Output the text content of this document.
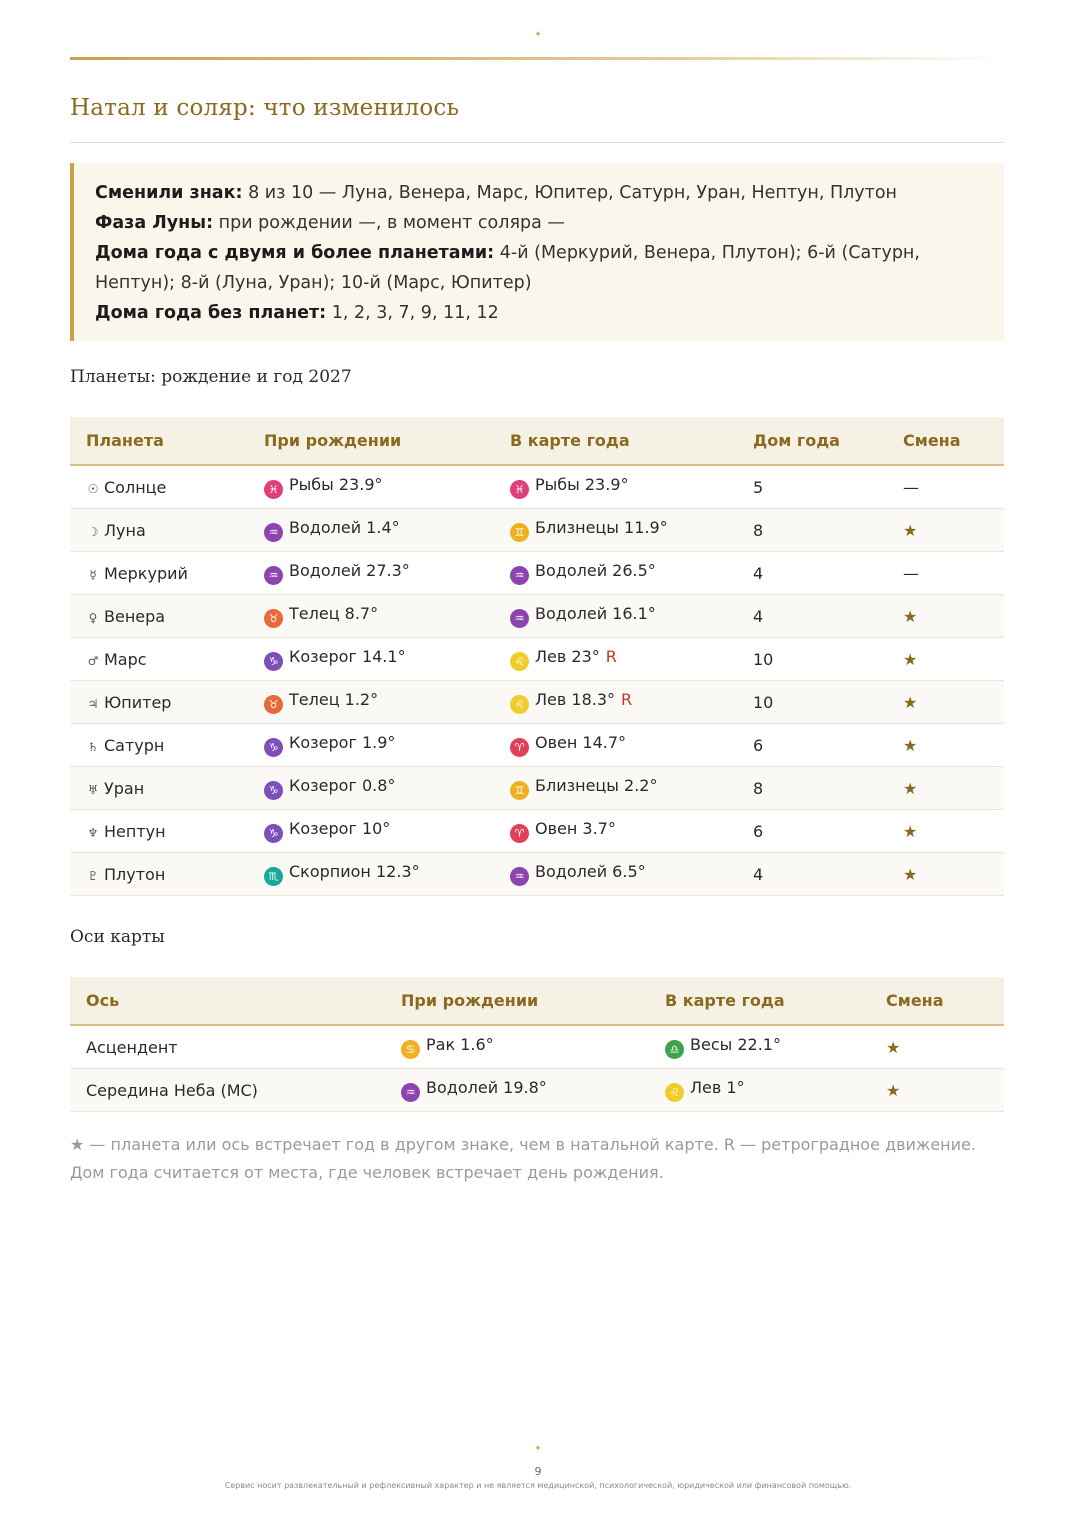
✦
Натал и соляр: что изменилось
Сменили знак: 8 из 10 — Луна, Венера, Марс, Юпитер, Сатурн, Уран, Нептун, Плутон
Фаза Луны: при рождении —, в момент соляра —
Дома года с двумя и более планетами: 4-й (Меркурий, Венера, Плутон); 6-й (Сатурн, Нептун); 8-й (Луна, Уран); 10-й (Марс, Юпитер)
Дома года без планет: 1, 2, 3, 7, 9, 11, 12
Планеты: рождение и год 2027
Планета	При рождении	В карте года	Дом года	Смена
☉ Солнце	♓ Рыбы 23.9°	♓ Рыбы 23.9°	5	—
☽ Луна	♒ Водолей 1.4°	♊ Близнецы 11.9°	8	★
☿ Меркурий	♒ Водолей 27.3°	♒ Водолей 26.5°	4	—
♀ Венера	♉ Телец 8.7°	♒ Водолей 16.1°	4	★
♂ Марс	♑ Козерог 14.1°	♌ Лев 23° R	10	★
♃ Юпитер	♉ Телец 1.2°	♌ Лев 18.3° R	10	★
♄ Сатурн	♑ Козерог 1.9°	♈ Овен 14.7°	6	★
♅ Уран	♑ Козерог 0.8°	♊ Близнецы 2.2°	8	★
♆ Нептун	♑ Козерог 10°	♈ Овен 3.7°	6	★
♇ Плутон	♏ Скорпион 12.3°	♒ Водолей 6.5°	4	★
Оси карты
Ось	При рождении	В карте года	Смена
Асцендент	♋ Рак 1.6°	♎ Весы 22.1°	★
Середина Неба (MC)	♒ Водолей 19.8°	♌ Лев 1°	★

★ — планета или ось встречает год в другом знаке, чем в натальной карте. R — ретроградное движение. Дом года считается от места, где человек встречает день рождения.

✦
9
Сервис носит развлекательный и рефлексивный характер и не является медицинской, психологической, юридической или финансовой помощью.
